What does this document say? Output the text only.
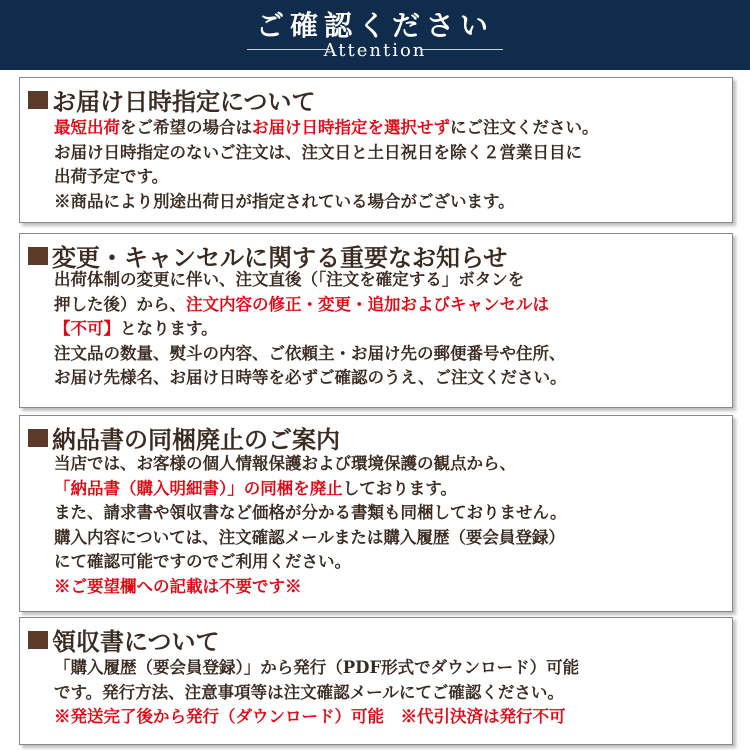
ご確認ください
Attention
お届け日時指定について
最短出荷をご希望の場合はお届け日時指定を選択せずにご注文ください。
お届け日時指定のないご注文は、注文日と土日祝日を除く２営業日目に
出荷予定です。
※商品により別途出荷日が指定されている場合がございます。
変更・キャンセルに関する重要なお知らせ
出荷体制の変更に伴い、注文直後（「注文を確定する」ボタンを
押した後）から、注文内容の修正・変更・追加およびキャンセルは
【不可】となります。
注文品の数量、熨斗の内容、ご依頼主・お届け先の郵便番号や住所、
お届け先様名、お届け日時等を必ずご確認のうえ、ご注文ください。
納品書の同梱廃止のご案内
当店では、お客様の個人情報保護および環境保護の観点から、
「納品書（購入明細書）」の同梱を廃止しております。
また、請求書や領収書など価格が分かる書類も同梱しておりません。
購入内容については、注文確認メールまたは購入履歴（要会員登録）
にて確認可能ですのでご利用ください。
※ご要望欄への記載は不要です※
領収書について
「購入履歴（要会員登録）」から発行（PDF形式でダウンロード）可能
です。発行方法、注意事項等は注文確認メールにてご確認ください。
※発送完了後から発行（ダウンロード）可能　※代引決済は発行不可
